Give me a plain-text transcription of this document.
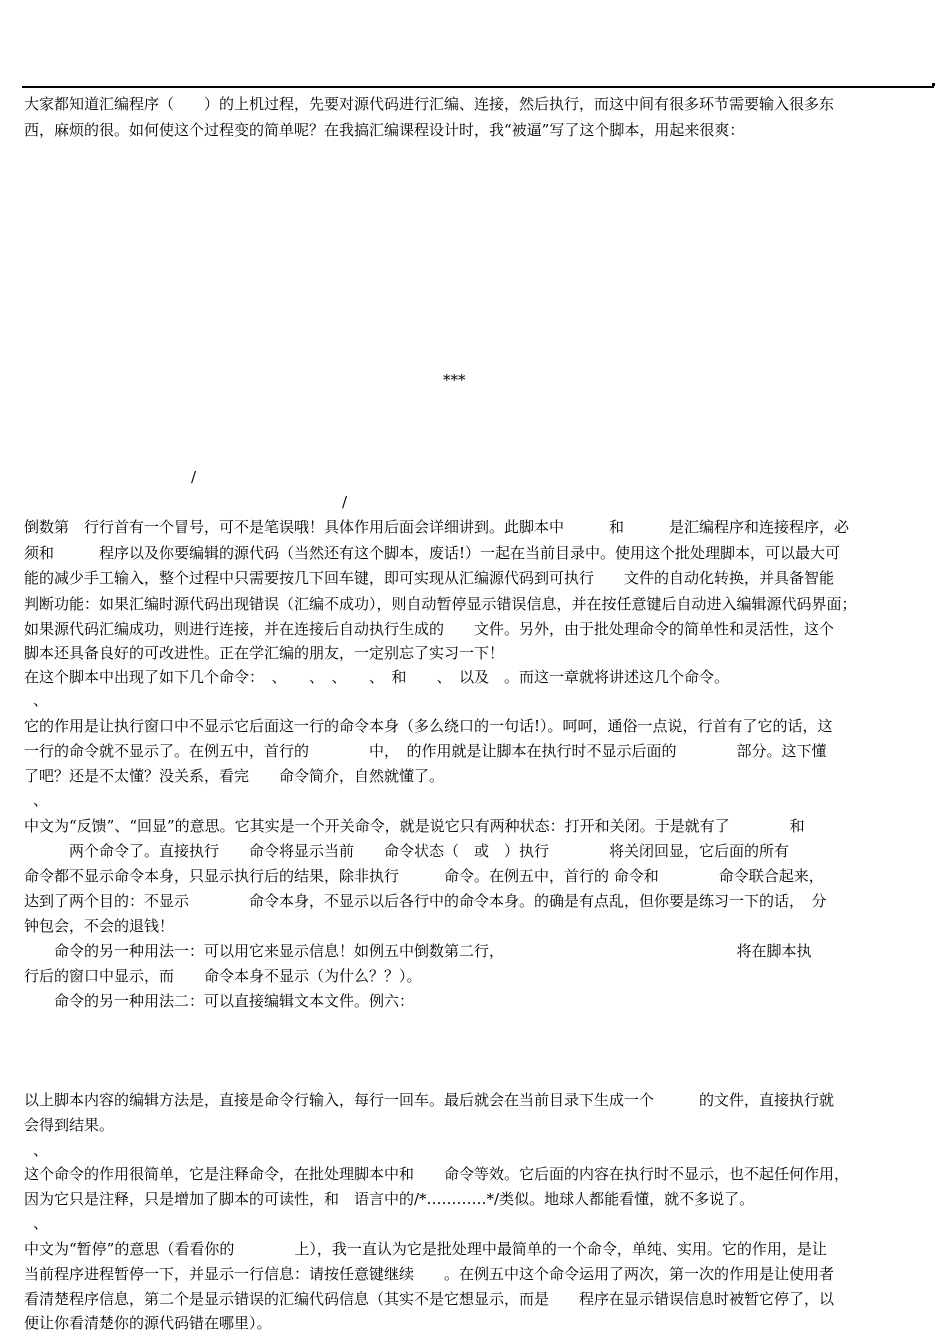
大家都知道汇编程序（　　）的上机过程，先要对源代码进行汇编、连接，然后执行，而这中间有很多环节需要输入很多东
西，麻烦的很。如何使这个过程变的简单呢？在我搞汇编课程设计时，我“被逼”写了这个脚本，用起来很爽：
***
/
/
倒数第　行行首有一个冒号，可不是笔误哦！具体作用后面会详细讲到。此脚本中　　　和　　　是汇编程序和连接程序，必
须和　　　程序以及你要编辑的源代码（当然还有这个脚本，废话!）一起在当前目录中。使用这个批处理脚本，可以最大可
能的减少手工输入，整个过程中只需要按几下回车键，即可实现从汇编源代码到可执行　　文件的自动化转换，并具备智能
判断功能：如果汇编时源代码出现错误（汇编不成功），则自动暂停显示错误信息，并在按任意键后自动进入编辑源代码界面；
如果源代码汇编成功，则进行连接，并在连接后自动执行生成的　　文件。另外，由于批处理命令的简单性和灵活性，这个
脚本还具备良好的可改进性。正在学汇编的朋友，一定别忘了实习一下！
在这个脚本中出现了如下几个命令：　、　　、　、　　、　和　　、　以及　。而这一章就将讲述这几个命令。
、
它的作用是让执行窗口中不显示它后面这一行的命令本身（多么绕口的一句话!）。呵呵，通俗一点说，行首有了它的话，这
一行的命令就不显示了。在例五中，首行的　　　　中，　的作用就是让脚本在执行时不显示后面的　　　　部分。这下懂
了吧？还是不太懂？没关系，看完　　命令简介，自然就懂了。
、
中文为“反馈”、“回显”的意思。它其实是一个开关命令，就是说它只有两种状态：打开和关闭。于是就有了　　　　和
　　　两个命令了。直接执行　　命令将显示当前　　命令状态（　或　）执行　　　　将关闭回显，它后面的所有
命令都不显示命令本身，只显示执行后的结果，除非执行　　　命令。在例五中，首行的 命令和　　　　命令联合起来，
达到了两个目的：不显示　　　　命令本身，不显示以后各行中的命令本身。的确是有点乱，但你要是练习一下的话，　分
钟包会，不会的退钱！
　　命令的另一种用法一：可以用它来显示信息！如例五中倒数第二行，　　　　　　　　　　　　　　　　将在脚本执
行后的窗口中显示，而　　命令本身不显示（为什么？？）。
　　命令的另一种用法二：可以直接编辑文本文件。例六：
以上脚本内容的编辑方法是，直接是命令行输入，每行一回车。最后就会在当前目录下生成一个　　　的文件，直接执行就
会得到结果。
、
这个命令的作用很简单，它是注释命令，在批处理脚本中和　　命令等效。它后面的内容在执行时不显示，也不起任何作用，
因为它只是注释，只是增加了脚本的可读性，和　语言中的/*…………*/类似。地球人都能看懂，就不多说了。
、
中文为“暂停”的意思（看看你的　　　　上），我一直认为它是批处理中最简单的一个命令，单纯、实用。它的作用，是让
当前程序进程暂停一下，并显示一行信息：请按任意键继续　　。在例五中这个命令运用了两次，第一次的作用是让使用者
看清楚程序信息，第二个是显示错误的汇编代码信息（其实不是它想显示，而是　　程序在显示错误信息时被暂它停了，以
便让你看清楚你的源代码错在哪里）。
